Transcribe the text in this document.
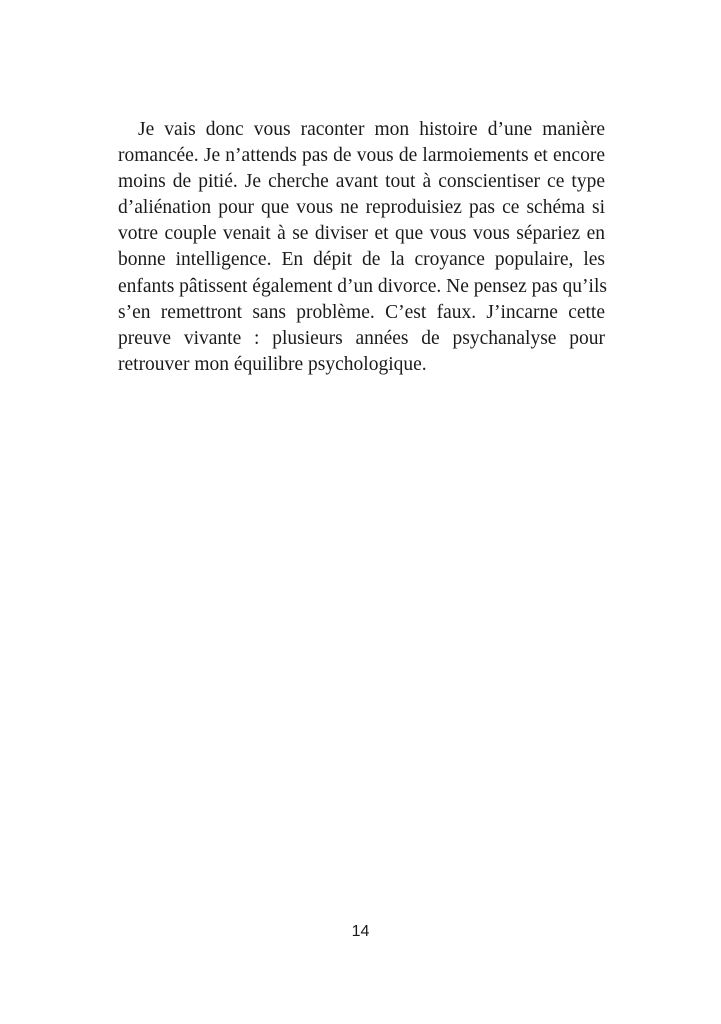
Je vais donc vous raconter mon histoire d’une manière
romancée. Je n’attends pas de vous de larmoiements et encore
moins de pitié. Je cherche avant tout à conscientiser ce type
d’aliénation pour que vous ne reproduisiez pas ce schéma si
votre couple venait à se diviser et que vous vous sépariez en
bonne intelligence. En dépit de la croyance populaire, les
enfants pâtissent également d’un divorce. Ne pensez pas qu’ils
s’en remettront sans problème. C’est faux. J’incarne cette
preuve vivante : plusieurs années de psychanalyse pour
retrouver mon équilibre psychologique.
14
